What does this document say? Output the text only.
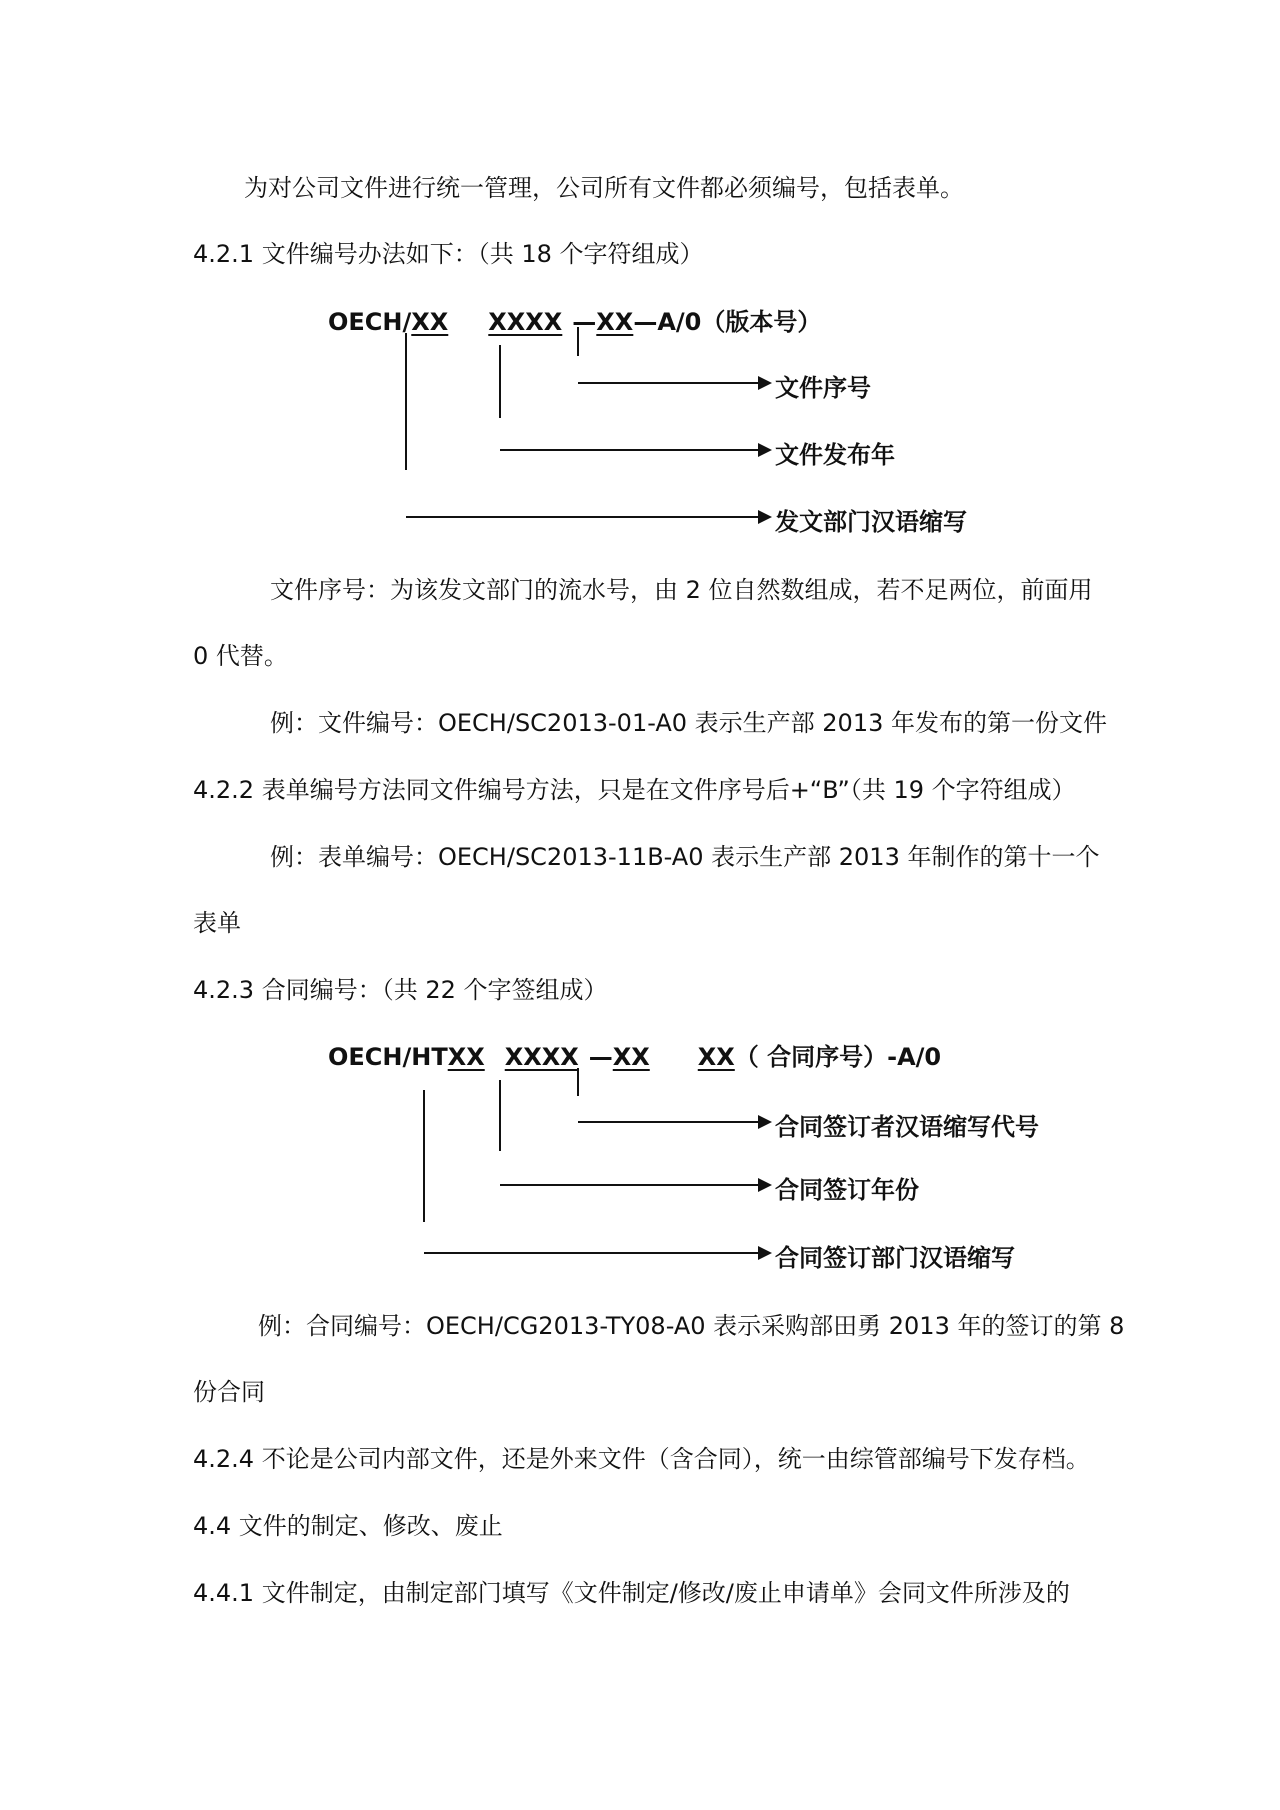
为对公司文件进行统一管理，公司所有文件都必须编号，包括表单。

4.2.1 文件编号办法如下：（共 18 个字符组成）

OECH/XX XXXX —XX—A/0（版本号）

文件序号

文件发布年

发文部门汉语缩写

文件序号：为该发文部门的流水号，由 2 位自然数组成，若不足两位，前面用

0 代替。

例：文件编号：OECH/SC2013-01-A0 表示生产部 2013 年发布的第一份文件

4.2.2 表单编号方法同文件编号方法，只是在文件序号后+“B”（共 19 个字符组成）

例：表单编号：OECH/SC2013-11B-A0 表示生产部 2013 年制作的第十一个

表单

4.2.3 合同编号：（共 22 个字签组成）

OECH/HTXX XXXX —XX XX（ 合同序号）-A/0

合同签订者汉语缩写代号

合同签订年份

合同签订部门汉语缩写

例：合同编号：OECH/CG2013-TY08-A0 表示采购部田勇 2013 年的签订的第 8

份合同

4.2.4 不论是公司内部文件，还是外来文件（含合同），统一由综管部编号下发存档。

4.4 文件的制定、修改、废止

4.4.1 文件制定，由制定部门填写《文件制定/修改/废止申请单》会同文件所涉及的
